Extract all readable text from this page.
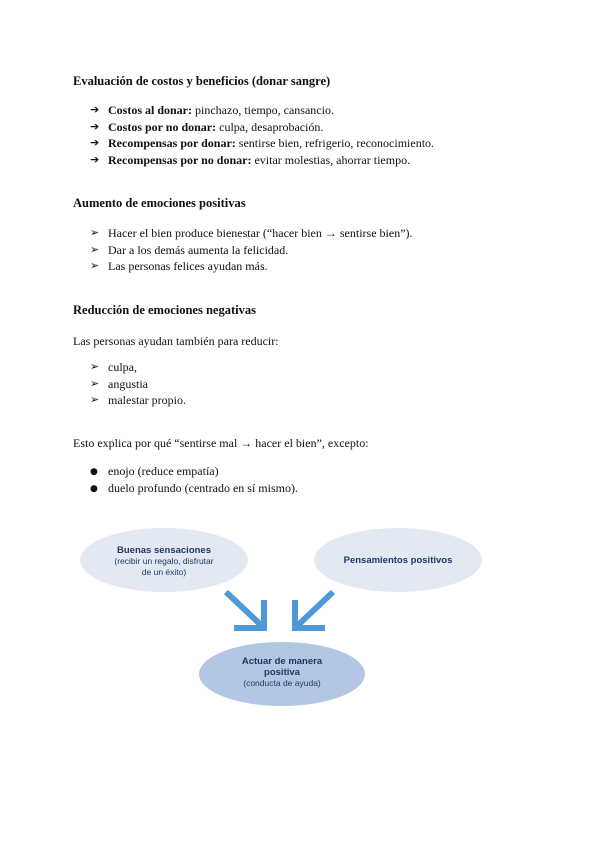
Evaluación de costos y beneficios (donar sangre)
➔ Costos al donar: pinchazo, tiempo, cansancio.
➔ Costos por no donar: culpa, desaprobación.
➔ Recompensas por donar: sentirse bien, refrigerio, reconocimiento.
➔ Recompensas por no donar: evitar molestias, ahorrar tiempo.
Aumento de emociones positivas
➢ Hacer el bien produce bienestar (“hacer bien → sentirse bien”).
➢ Dar a los demás aumenta la felicidad.
➢ Las personas felices ayudan más.
Reducción de emociones negativas

Las personas ayudan también para reducir:

➢ culpa,
➢ angustia
➢ malestar propio.

Esto explica por qué “sentirse mal → hacer el bien”, excepto:

● enojo (reduce empatía)
● duelo profundo (centrado en sí mismo).
Buenas sensaciones
(recibir un regalo, disfrutar
de un éxito)
Pensamientos positivos
Actuar de manera
positiva
(conducta de ayuda)
